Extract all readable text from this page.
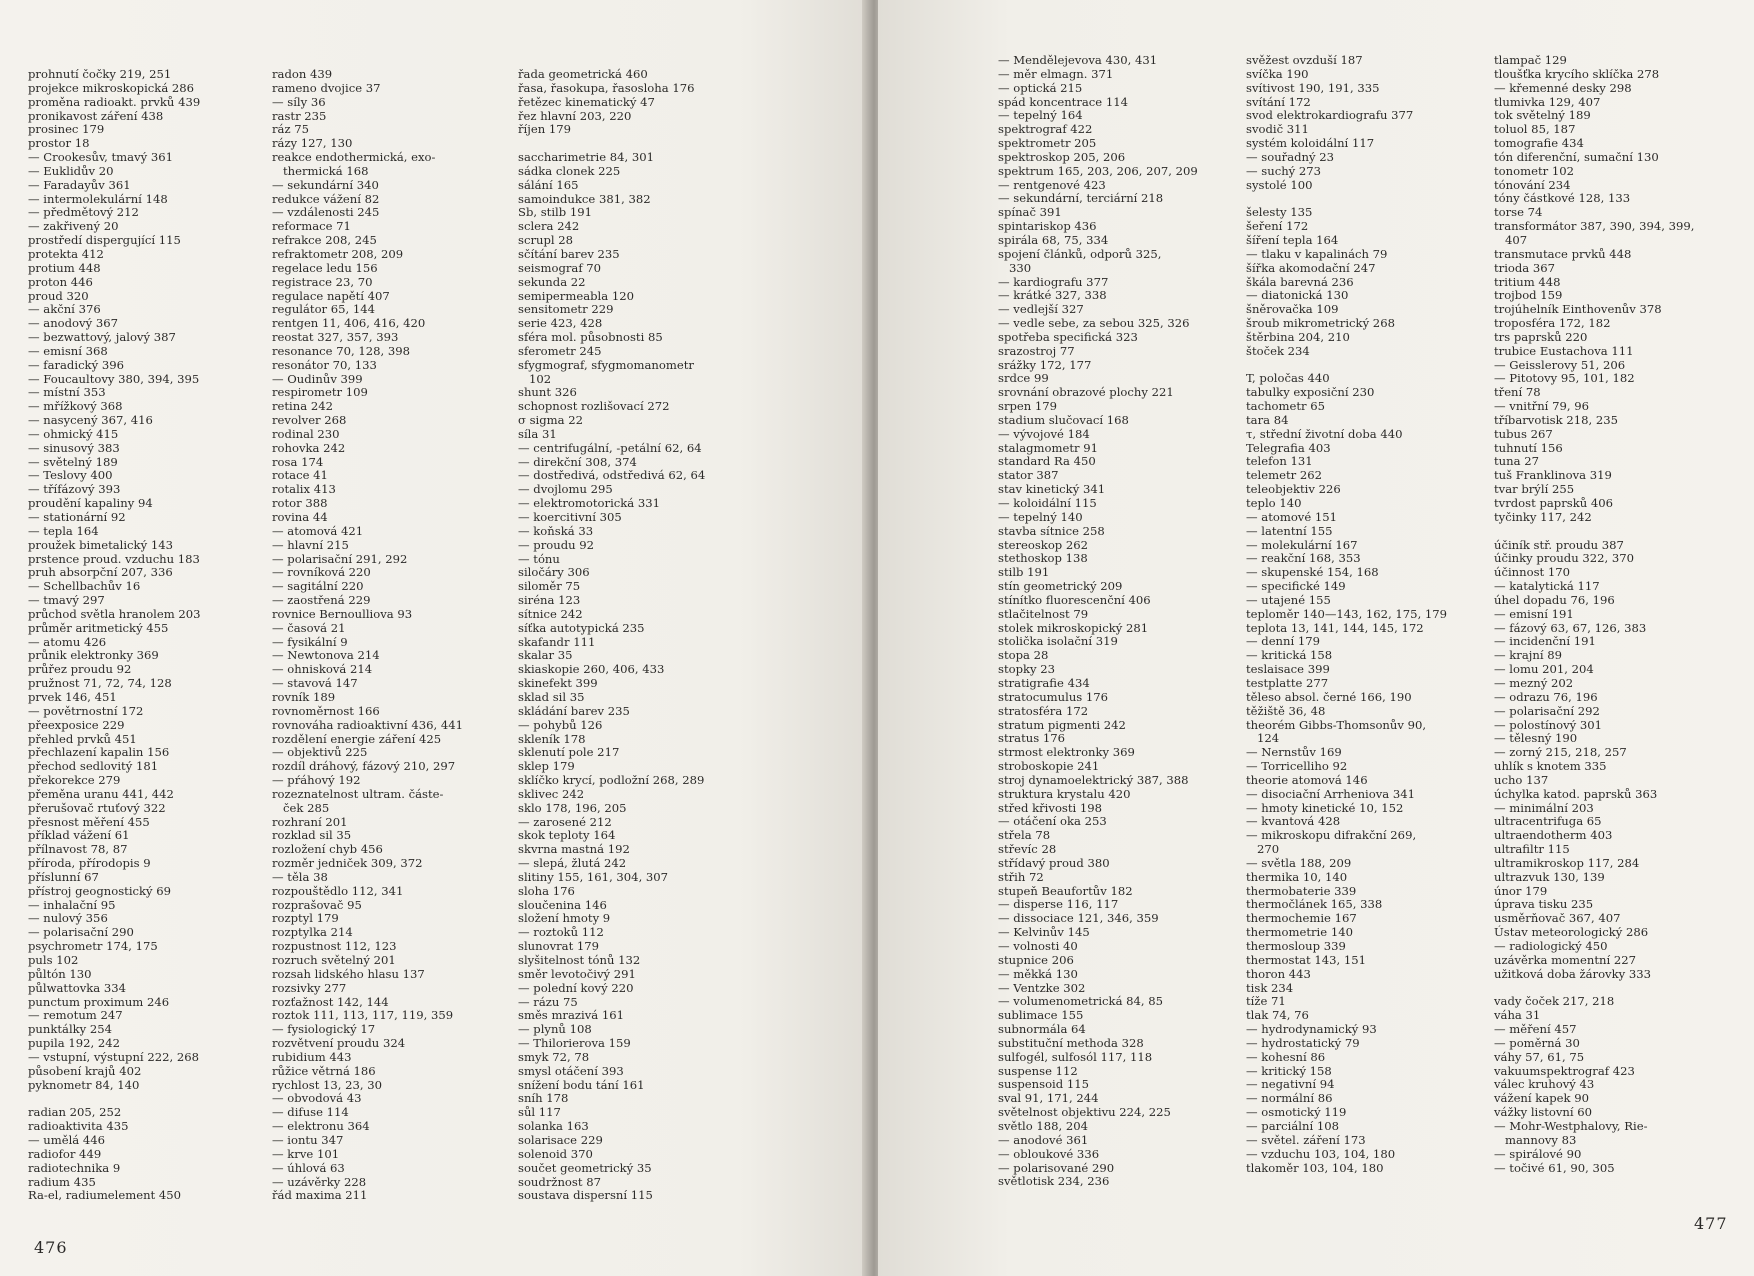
prohnutí čočky 219, 251
projekce mikroskopická 286
proměna radioakt. prvků 439
pronikavost záření 438
prosinec 179
prostor 18
— Crookesův, tmavý 361
— Euklidův 20
— Faradayův 361
— intermolekulární 148
— předmětový 212
— zakřivený 20
prostředí dispergující 115
protekta 412
protium 448
proton 446
proud 320
— akční 376
— anodový 367
— bezwattový, jalový 387
— emisní 368
— faradický 396
— Foucaultovy 380, 394, 395
— místní 353
— mřížkový 368
— nasycený 367, 416
— ohmický 415
— sinusový 383
— světelný 189
— Teslovy 400
— třífázový 393
proudění kapaliny 94
— stationární 92
— tepla 164
proužek bimetalický 143
prstence proud. vzduchu 183
pruh absorpční 207, 336
— Schellbachův 16
— tmavý 297
průchod světla hranolem 203
průměr aritmetický 455
— atomu 426
průnik elektronky 369
průřez proudu 92
pružnost 71, 72, 74, 128
prvek 146, 451
— povětrnostní 172
přeexposice 229
přehled prvků 451
přechlazení kapalin 156
přechod sedlovitý 181
překorekce 279
přeměna uranu 441, 442
přerušovač rtuťový 322
přesnost měření 455
příklad vážení 61
přílnavost 78, 87
příroda, přírodopis 9
příslunní 67
přístroj geognostický 69
— inhalační 95
— nulový 356
— polarisační 290
psychrometr 174, 175
puls 102
půltón 130
půlwattovka 334
punctum proximum 246
— remotum 247
punktálky 254
pupila 192, 242
— vstupní, výstupní 222, 268
působení krajů 402
pyknometr 84, 140
radian 205, 252
radioaktivita 435
— umělá 446
radiofor 449
radiotechnika 9
radium 435
Ra-el, radiumelement 450
radon 439
rameno dvojice 37
— síly 36
rastr 235
ráz 75
rázy 127, 130
reakce endothermická, exo-
thermická 168
— sekundární 340
redukce vážení 82
— vzdálenosti 245
reformace 71
refrakce 208, 245
refraktometr 208, 209
regelace ledu 156
registrace 23, 70
regulace napětí 407
regulátor 65, 144
rentgen 11, 406, 416, 420
reostat 327, 357, 393
resonance 70, 128, 398
resonátor 70, 133
— Oudinův 399
respirometr 109
retina 242
revolver 268
rodinal 230
rohovka 242
rosa 174
rotace 41
rotalix 413
rotor 388
rovina 44
— atomová 421
— hlavní 215
— polarisační 291, 292
— rovníková 220
— sagitální 220
— zaostřená 229
rovnice Bernoulliova 93
— časová 21
— fysikální 9
— Newtonova 214
— ohnisková 214
— stavová 147
rovník 189
rovnoměrnost 166
rovnováha radioaktivní 436, 441
rozdělení energie záření 425
— objektivů 225
rozdíl dráhový, fázový 210, 297
— pŕáhový 192
rozeznatelnost ultram. částe-
ček 285
rozhraní 201
rozklad sil 35
rozložení chyb 456
rozměr jedniček 309, 372
— těla 38
rozpouštědlo 112, 341
rozprašovač 95
rozptyl 179
rozptylka 214
rozpustnost 112, 123
rozruch světelný 201
rozsah lidského hlasu 137
rozsivky 277
rozťažnost 142, 144
roztok 111, 113, 117, 119, 359
— fysiologický 17
rozvětvení proudu 324
rubidium 443
růžice větrná 186
rychlost 13, 23, 30
— obvodová 43
— difuse 114
— elektronu 364
— iontu 347
— krve 101
— úhlová 63
— uzávěrky 228
řád maxima 211
řada geometrická 460
řasa, řasokupa, řasosloha 176
řetězec kinematický 47
řez hlavní 203, 220
říjen 179
saccharimetrie 84, 301
sádka clonek 225
sálání 165
samoindukce 381, 382
Sb, stilb 191
sclera 242
scrupl 28
sčítání barev 235
seismograf 70
sekunda 22
semipermeabla 120
sensitometr 229
serie 423, 428
sféra mol. působnosti 85
sferometr 245
sfygmograf, sfygmomanometr
102
shunt 326
schopnost rozlišovací 272
σ sigma 22
síla 31
— centrifugální, -petální 62, 64
— direkční 308, 374
— dostředivá, odstředivá 62, 64
— dvojlomu 295
— elektromotorická 331
— koercitivní 305
— koňská 33
— proudu 92
— tónu
siločáry 306
siloměr 75
siréna 123
sítnice 242
síťka autotypická 235
skafandr 111
skalar 35
skiaskopie 260, 406, 433
skinefekt 399
sklad sil 35
skládání barev 235
— pohybů 126
skleník 178
sklenutí pole 217
sklep 179
sklíčko krycí, podložní 268, 289
sklivec 242
sklo 178, 196, 205
— zarosené 212
skok teploty 164
skvrna mastná 192
— slepá, žlutá 242
slitiny 155, 161, 304, 307
sloha 176
sloučenina 146
složení hmoty 9
— roztoků 112
slunovrat 179
slyšitelnost tónů 132
směr levotočivý 291
— polední kový 220
— rázu 75
směs mrazivá 161
— plynů 108
— Thilorierova 159
smyk 72, 78
smysl otáčení 393
snížení bodu tání 161
sníh 178
sůl 117
solanka 163
solarisace 229
solenoid 370
součet geometrický 35
soudržnost 87
soustava dispersní 115
476
— Mendělejevova 430, 431
— měr elmagn. 371
— optická 215
spád koncentrace 114
— tepelný 164
spektrograf 422
spektrometr 205
spektroskop 205, 206
spektrum 165, 203, 206, 207, 209
— rentgenové 423
— sekundární, terciární 218
spínač 391
spintariskop 436
spirála 68, 75, 334
spojení článků, odporů 325,
330
— kardiografu 377
— krátké 327, 338
— vedlejší 327
— vedle sebe, za sebou 325, 326
spotřeba specifická 323
srazostroj 77
srážky 172, 177
srdce 99
srovnání obrazové plochy 221
srpen 179
stadium slučovací 168
— vývojové 184
stalagmometr 91
standard Ra 450
stator 387
stav kinetický 341
— koloidální 115
— tepelný 140
stavba sítnice 258
stereoskop 262
stethoskop 138
stilb 191
stín geometrický 209
stínítko fluorescenční 406
stlačitelnost 79
stolek mikroskopický 281
stolička isolační 319
stopa 28
stopky 23
stratigrafie 434
stratocumulus 176
stratosféra 172
stratum pigmenti 242
stratus 176
strmost elektronky 369
stroboskopie 241
stroj dynamoelektrický 387, 388
struktura krystalu 420
střed křivosti 198
— otáčení oka 253
střela 78
střevíc 28
střídavý proud 380
střih 72
stupeň Beaufortův 182
— disperse 116, 117
— dissociace 121, 346, 359
— Kelvinův 145
— volnosti 40
stupnice 206
— měkká 130
— Ventzke 302
— volumenometrická 84, 85
sublimace 155
subnormála 64
substituční methoda 328
sulfogél, sulfosól 117, 118
suspense 112
suspensoid 115
sval 91, 171, 244
světelnost objektivu 224, 225
světlo 188, 204
— anodové 361
— obloukové 336
— polarisované 290
světlotisk 234, 236
svěžest ovzduší 187
svíčka 190
svítivost 190, 191, 335
svítání 172
svod elektrokardiografu 377
svodič 311
systém koloidální 117
— souřadný 23
— suchý 273
systolé 100
šelesty 135
šeření 172
šíření tepla 164
— tlaku v kapalinách 79
šířka akomodační 247
škála barevná 236
— diatonická 130
šněrovačka 109
šroub mikrometrický 268
štěrbina 204, 210
štoček 234
T, poločas 440
tabulky exposiční 230
tachometr 65
tara 84
τ, střední životní doba 440
Telegrafia 403
telefon 131
telemetr 262
teleobjektiv 226
teplo 140
— atomové 151
— latentní 155
— molekulární 167
— reakční 168, 353
— skupenské 154, 168
— specifické 149
— utajené 155
teploměr 140—143, 162, 175, 179
teplota 13, 141, 144, 145, 172
— denní 179
— kritická 158
teslaisace 399
testplatte 277
těleso absol. černé 166, 190
těžiště 36, 48
theorém Gibbs-Thomsonův 90,
124
— Nernstův 169
— Torricelliho 92
theorie atomová 146
— disociační Arrheniova 341
— hmoty kinetické 10, 152
— kvantová 428
— mikroskopu difrakční 269,
270
— světla 188, 209
thermika 10, 140
thermobaterie 339
thermočlánek 165, 338
thermochemie 167
thermometrie 140
thermosloup 339
thermostat 143, 151
thoron 443
tisk 234
tíže 71
tlak 74, 76
— hydrodynamický 93
— hydrostatický 79
— kohesní 86
— kritický 158
— negativní 94
— normální 86
— osmotický 119
— parciální 108
— světel. záření 173
— vzduchu 103, 104, 180
tlakoměr 103, 104, 180
tlampač 129
tloušťka krycího sklíčka 278
— křemenné desky 298
tlumivka 129, 407
tok světelný 189
toluol 85, 187
tomografie 434
tón diferenční, sumační 130
tonometr 102
tónování 234
tóny částkové 128, 133
torse 74
transformátor 387, 390, 394, 399,
407
transmutace prvků 448
trioda 367
tritium 448
trojbod 159
trojúhelník Einthovenův 378
troposféra 172, 182
trs paprsků 220
trubice Eustachova 111
— Geisslerovy 51, 206
— Pitotovy 95, 101, 182
tření 78
— vnitřní 79, 96
tříbarvotisk 218, 235
tubus 267
tuhnutí 156
tuna 27
tuš Franklinova 319
tvar brýlí 255
tvrdost paprsků 406
tyčinky 117, 242
účiník stř. proudu 387
účinky proudu 322, 370
účinnost 170
— katalytická 117
úhel dopadu 76, 196
— emisní 191
— fázový 63, 67, 126, 383
— incidenční 191
— krajní 89
— lomu 201, 204
— mezný 202
— odrazu 76, 196
— polarisační 292
— polostínový 301
— tělesný 190
— zorný 215, 218, 257
uhlík s knotem 335
ucho 137
úchylka katod. paprsků 363
— minimální 203
ultracentrifuga 65
ultraendotherm 403
ultrafiltr 115
ultramikroskop 117, 284
ultrazvuk 130, 139
únor 179
úprava tisku 235
usměrňovač 367, 407
Ústav meteorologický 286
— radiologický 450
uzávěrka momentní 227
užitková doba žárovky 333
vady čoček 217, 218
váha 31
— měření 457
— poměrná 30
váhy 57, 61, 75
vakuumspektrograf 423
válec kruhový 43
vážení kapek 90
vážky listovní 60
— Mohr-Westphalovy, Rie-
mannovy 83
— spirálové 90
— točivé 61, 90, 305
477
